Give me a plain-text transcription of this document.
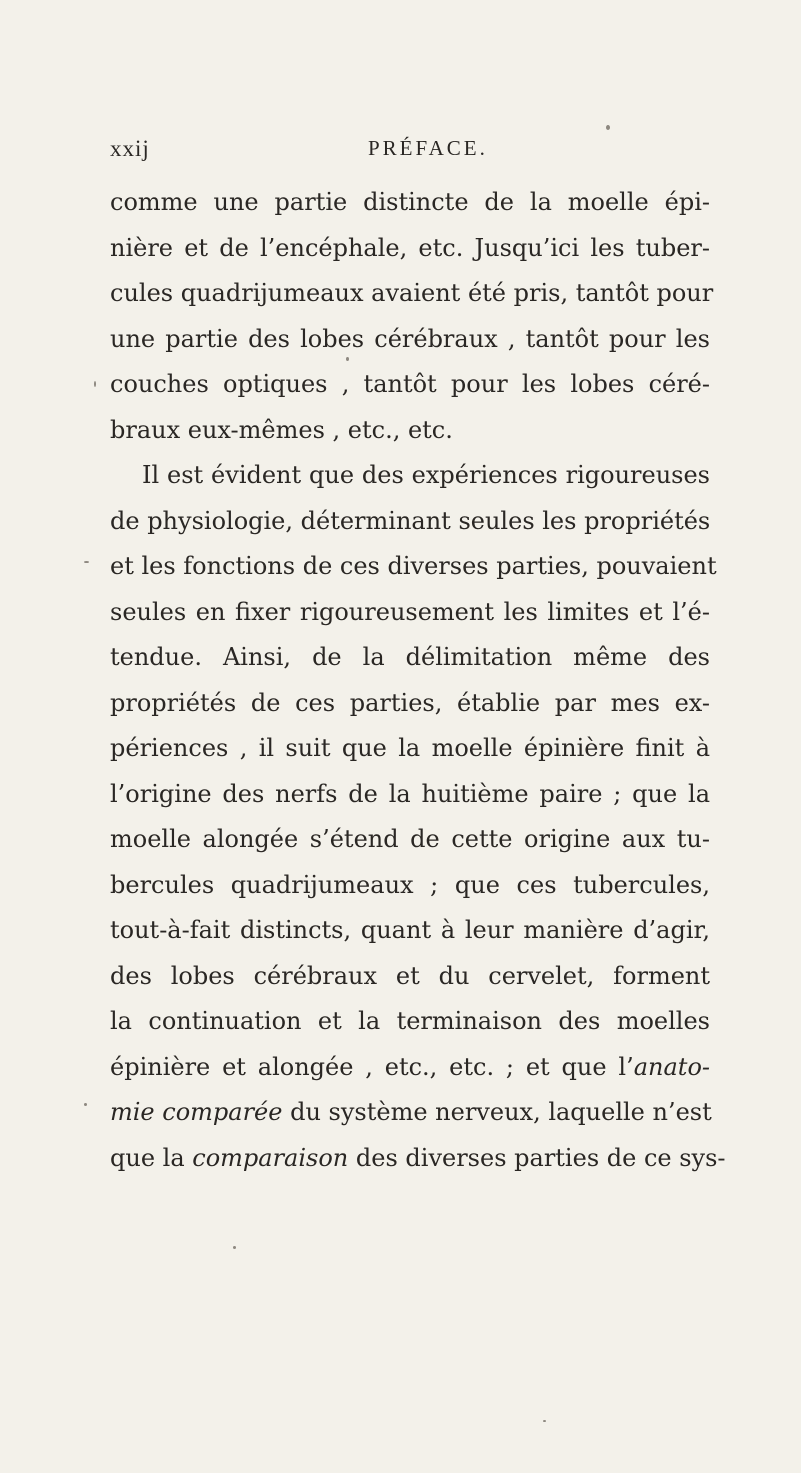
xxij	PRÉFACE.
comme une partie distincte de la moelle épi-
nière et de l’encéphale, etc. Jusqu’ici les tuber-
cules quadrijumeaux avaient été pris, tantôt pour
une partie des lobes cérébraux , tantôt pour les
couches optiques , tantôt pour les lobes céré-
braux eux-mêmes , etc., etc.
Il est évident que des expériences rigoureuses
de physiologie, déterminant seules les propriétés
et les fonctions de ces diverses parties, pouvaient
seules en fixer rigoureusement les limites et l’é-
tendue. Ainsi, de la délimitation même des
propriétés de ces parties, établie par mes ex-
périences , il suit que la moelle épinière finit à
l’origine des nerfs de la huitième paire ; que la
moelle alongée s’étend de cette origine aux tu-
bercules quadrijumeaux ; que ces tubercules,
tout-à-fait distincts, quant à leur manière d’agir,
des lobes cérébraux et du cervelet, forment
la continuation et la terminaison des moelles
épinière et alongée , etc., etc. ; et que l’anato-
mie comparée du système nerveux, laquelle n’est
que la comparaison des diverses parties de ce sys-
